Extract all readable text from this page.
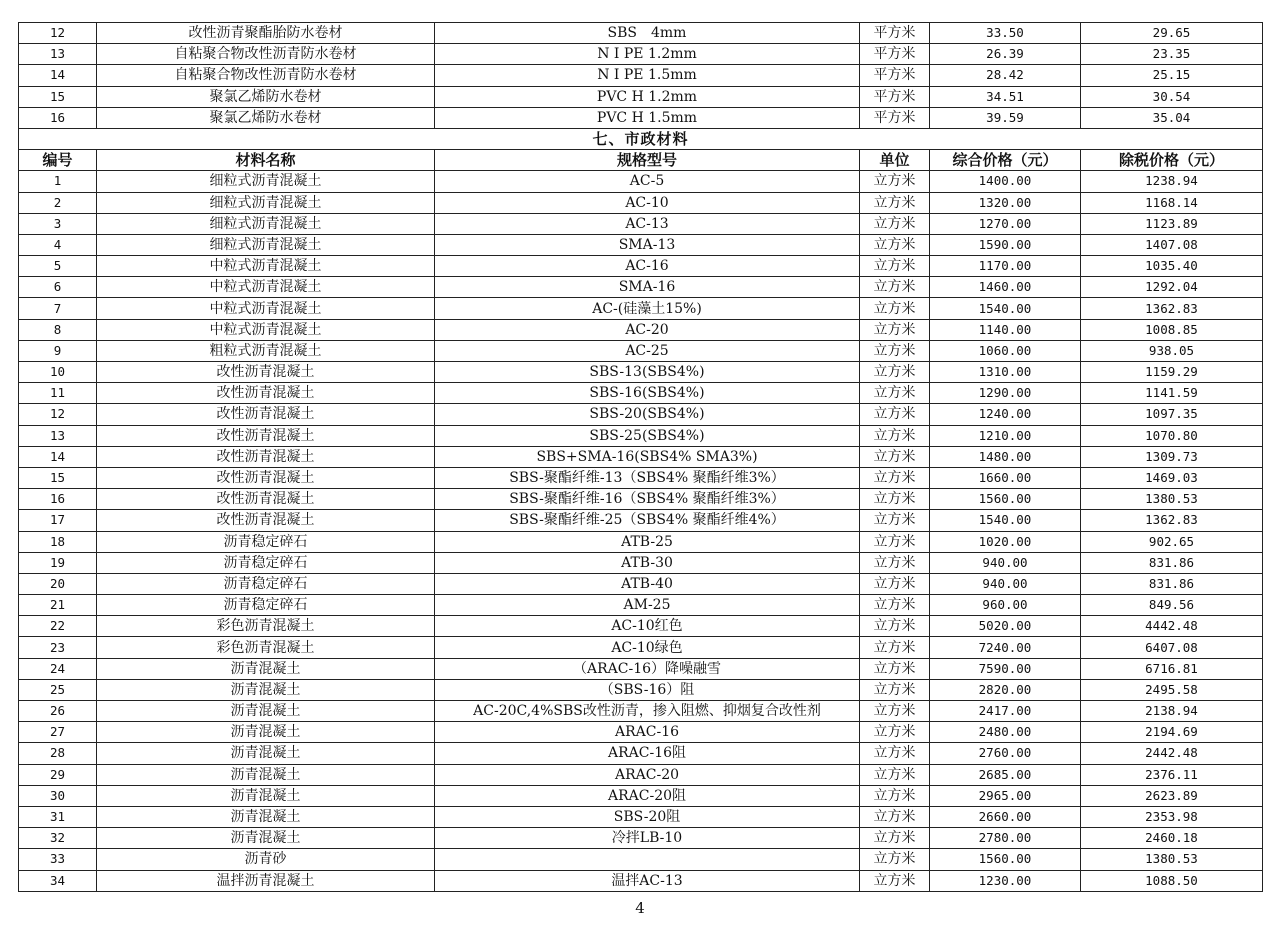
12	改性沥青聚酯胎防水卷材	SBS　4mm	平方米	33.50	29.65
13	自粘聚合物改性沥青防水卷材	N I PE 1.2mm	平方米	26.39	23.35
14	自粘聚合物改性沥青防水卷材	N I PE 1.5mm	平方米	28.42	25.15
15	聚氯乙烯防水卷材	PVC H 1.2mm	平方米	34.51	30.54
16	聚氯乙烯防水卷材	PVC H 1.5mm	平方米	39.59	35.04
七、市政材料					
编号	材料名称	规格型号	单位	综合价格（元）	除税价格（元）
1	细粒式沥青混凝土	AC-5	立方米	1400.00	1238.94
2	细粒式沥青混凝土	AC-10	立方米	1320.00	1168.14
3	细粒式沥青混凝土	AC-13	立方米	1270.00	1123.89
4	细粒式沥青混凝土	SMA-13	立方米	1590.00	1407.08
5	中粒式沥青混凝土	AC-16	立方米	1170.00	1035.40
6	中粒式沥青混凝土	SMA-16	立方米	1460.00	1292.04
7	中粒式沥青混凝土	AC-(硅藻土15%)	立方米	1540.00	1362.83
8	中粒式沥青混凝土	AC-20	立方米	1140.00	1008.85
9	粗粒式沥青混凝土	AC-25	立方米	1060.00	938.05
10	改性沥青混凝土	SBS-13(SBS4%)	立方米	1310.00	1159.29
11	改性沥青混凝土	SBS-16(SBS4%)	立方米	1290.00	1141.59
12	改性沥青混凝土	SBS-20(SBS4%)	立方米	1240.00	1097.35
13	改性沥青混凝土	SBS-25(SBS4%)	立方米	1210.00	1070.80
14	改性沥青混凝土	SBS+SMA-16(SBS4% SMA3%)	立方米	1480.00	1309.73
15	改性沥青混凝土	SBS-聚酯纤维-13（SBS4% 聚酯纤维3%）	立方米	1660.00	1469.03
16	改性沥青混凝土	SBS-聚酯纤维-16（SBS4% 聚酯纤维3%）	立方米	1560.00	1380.53
17	改性沥青混凝土	SBS-聚酯纤维-25（SBS4% 聚酯纤维4%）	立方米	1540.00	1362.83
18	沥青稳定碎石	ATB-25	立方米	1020.00	902.65
19	沥青稳定碎石	ATB-30	立方米	940.00	831.86
20	沥青稳定碎石	ATB-40	立方米	940.00	831.86
21	沥青稳定碎石	AM-25	立方米	960.00	849.56
22	彩色沥青混凝土	AC-10红色	立方米	5020.00	4442.48
23	彩色沥青混凝土	AC-10绿色	立方米	7240.00	6407.08
24	沥青混凝土	（ARAC-16）降噪融雪	立方米	7590.00	6716.81
25	沥青混凝土	（SBS-16）阻	立方米	2820.00	2495.58
26	沥青混凝土	AC-20C,4%SBS改性沥青，掺入阻燃、抑烟复合改性剂	立方米	2417.00	2138.94
27	沥青混凝土	ARAC-16	立方米	2480.00	2194.69
28	沥青混凝土	ARAC-16阻	立方米	2760.00	2442.48
29	沥青混凝土	ARAC-20	立方米	2685.00	2376.11
30	沥青混凝土	ARAC-20阻	立方米	2965.00	2623.89
31	沥青混凝土	SBS-20阻	立方米	2660.00	2353.98
32	沥青混凝土	冷拌LB-10	立方米	2780.00	2460.18
33	沥青砂		立方米	1560.00	1380.53
34	温拌沥青混凝土	温拌AC-13	立方米	1230.00	1088.50
4
